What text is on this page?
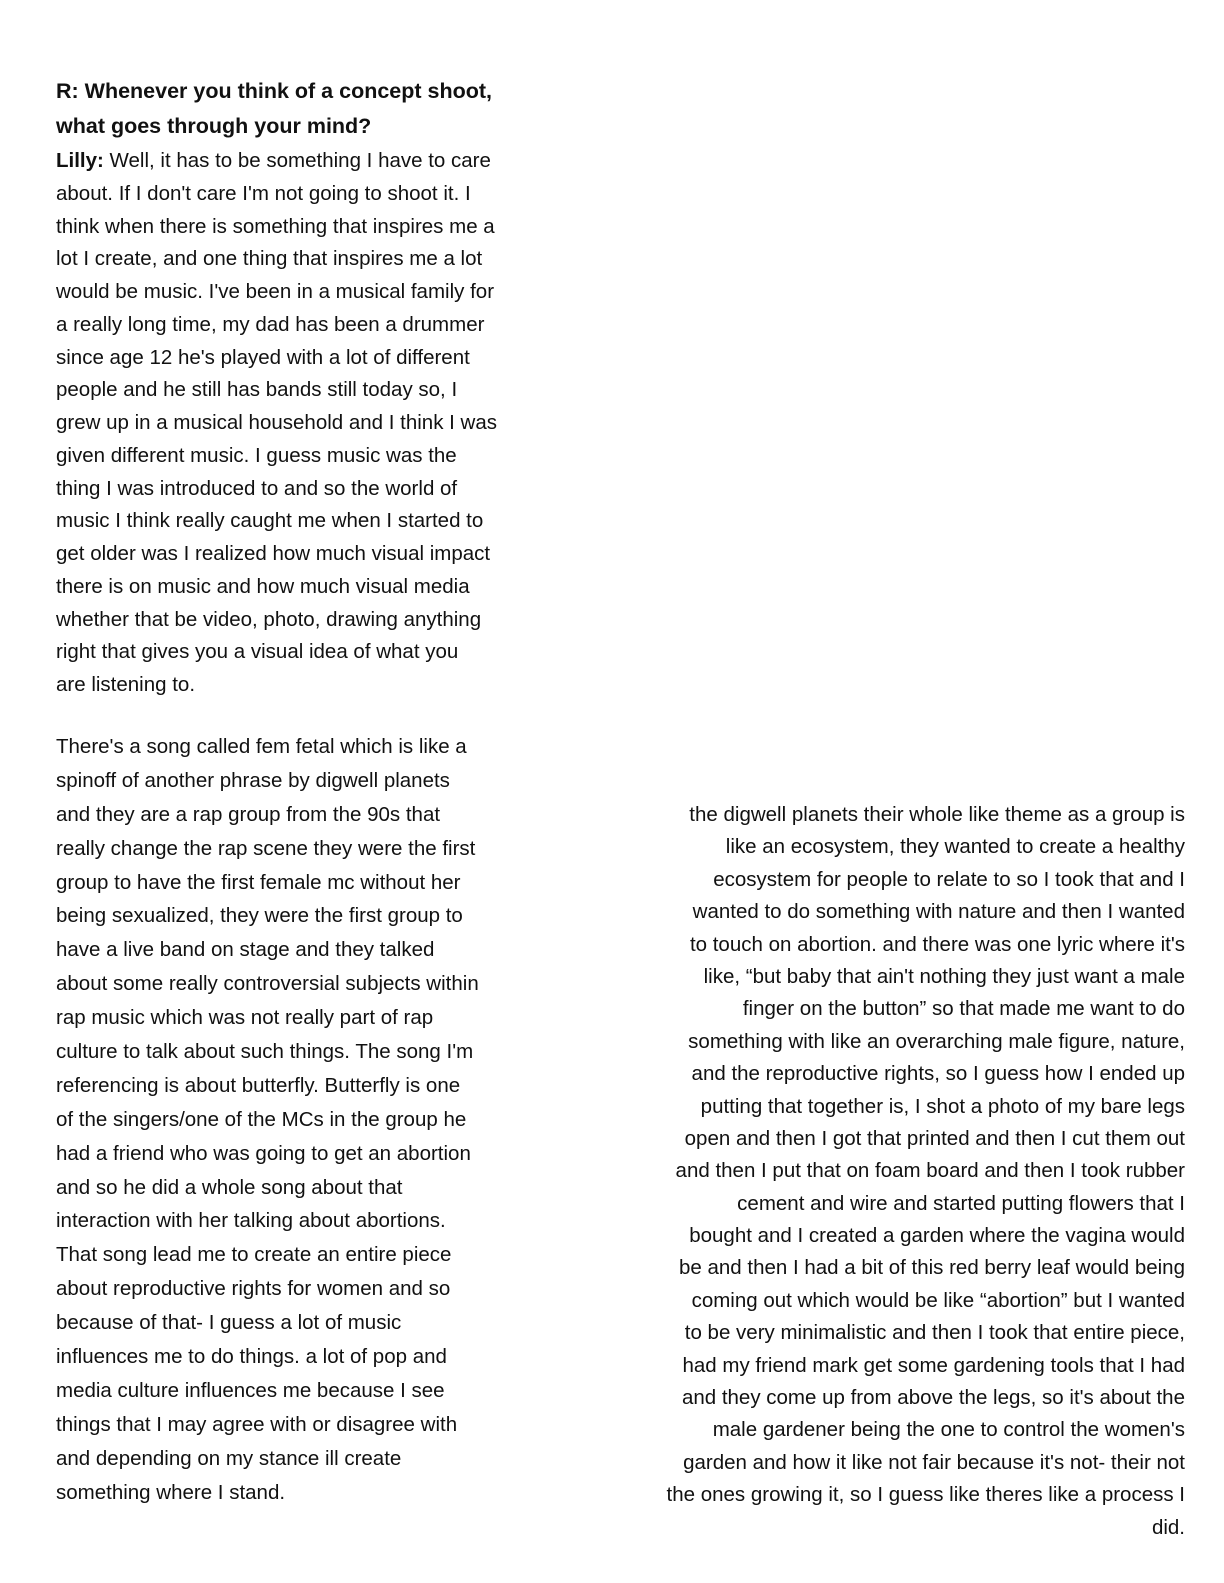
R: Whenever you think of a concept shoot,
what goes through your mind?
Lilly: Well, it has to be something I have to care
about. If I don't care I'm not going to shoot it. I
think when there is something that inspires me a
lot I create, and one thing that inspires me a lot
would be music. I've been in a musical family for
a really long time, my dad has been a drummer
since age 12 he's played with a lot of different
people and he still has bands still today so, I
grew up in a musical household and I think I was
given different music. I guess music was the
thing I was introduced to and so the world of
music I think really caught me when I started to
get older was I realized how much visual impact
there is on music and how much visual media
whether that be video, photo, drawing anything
right that gives you a visual idea of what you
are listening to.
There's a song called fem fetal which is like a
spinoff of another phrase by digwell planets
and they are a rap group from the 90s that
really change the rap scene they were the first
group to have the first female mc without her
being sexualized, they were the first group to
have a live band on stage and they talked
about some really controversial subjects within
rap music which was not really part of rap
culture to talk about such things. The song I'm
referencing is about butterfly. Butterfly is one
of the singers/one of the MCs in the group he
had a friend who was going to get an abortion
and so he did a whole song about that
interaction with her talking about abortions.
That song lead me to create an entire piece
about reproductive rights for women and so
because of that- I guess a lot of music
influences me to do things. a lot of pop and
media culture influences me because I see
things that I may agree with or disagree with
and depending on my stance ill create
something where I stand.
the digwell planets their whole like theme as a group is
like an ecosystem, they wanted to create a healthy
ecosystem for people to relate to so I took that and I
wanted to do something with nature and then I wanted
to touch on abortion. and there was one lyric where it's
like, “but baby that ain't nothing they just want a male
finger on the button” so that made me want to do
something with like an overarching male figure, nature,
and the reproductive rights, so I guess how I ended up
putting that together is, I shot a photo of my bare legs
open and then I got that printed and then I cut them out
and then I put that on foam board and then I took rubber
cement and wire and started putting flowers that I
bought and I created a garden where the vagina would
be and then I had a bit of this red berry leaf would being
coming out which would be like “abortion” but I wanted
to be very minimalistic and then I took that entire piece,
had my friend mark get some gardening tools that I had
and they come up from above the legs, so it's about the
male gardener being the one to control the women's
garden and how it like not fair because it's not- their not
the ones growing it, so I guess like theres like a process I
did.
